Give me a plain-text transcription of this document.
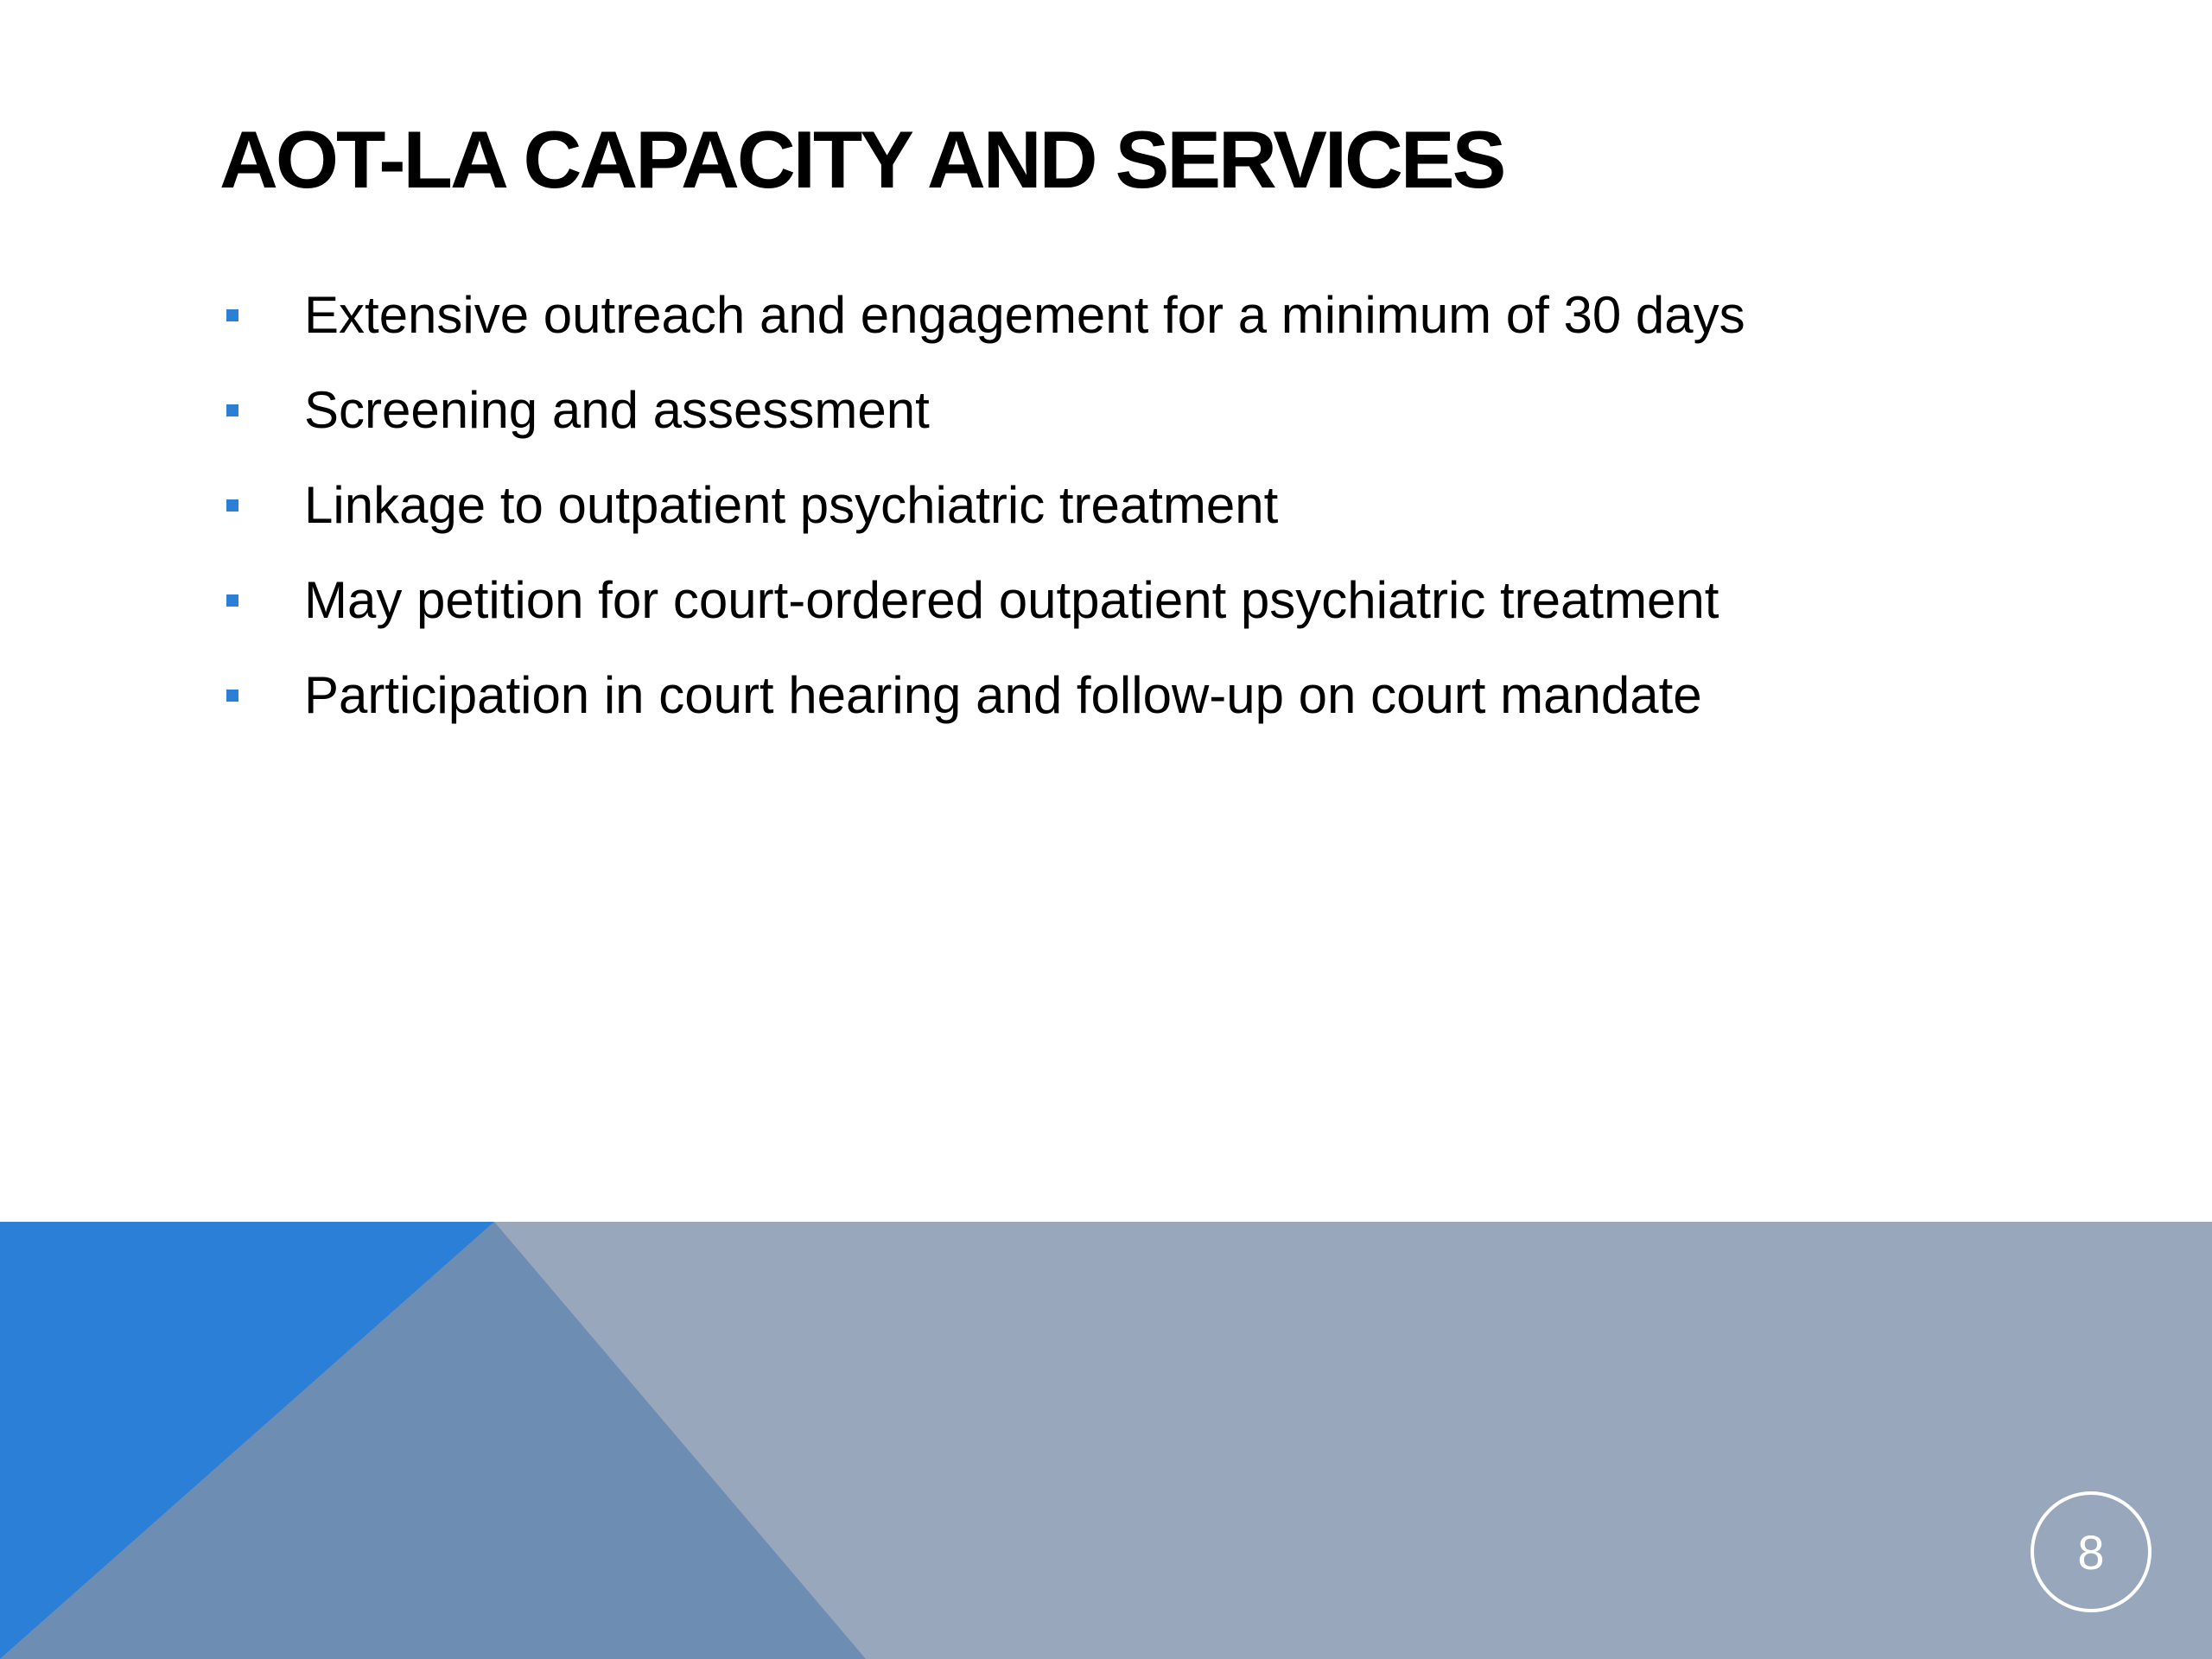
AOT-LA CAPACITY AND SERVICES
Extensive outreach and engagement for a minimum of 30 days
Screening and assessment
Linkage to outpatient psychiatric treatment
May petition for court-ordered outpatient psychiatric treatment
Participation in court hearing and follow-up on court mandate
8
